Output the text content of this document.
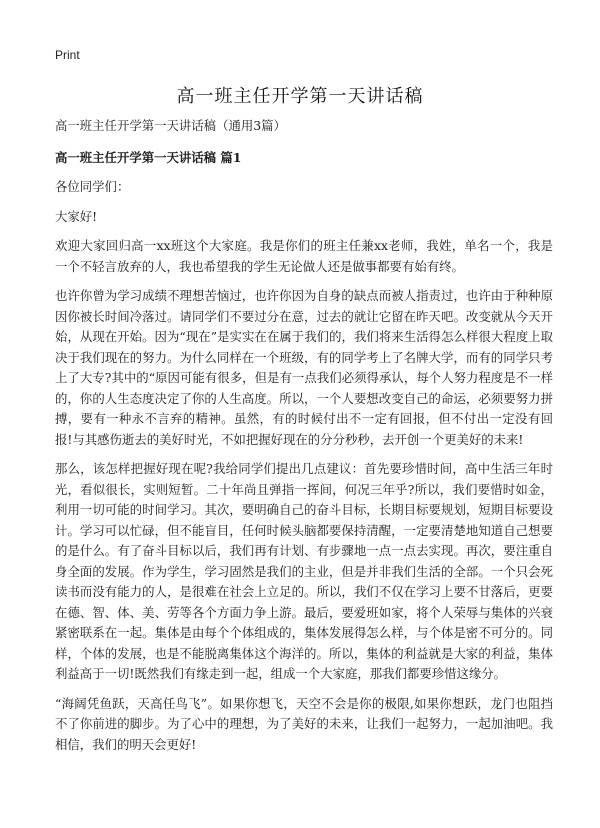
Print
高一班主任开学第一天讲话稿

高一班主任开学第一天讲话稿（通用3篇）

高一班主任开学第一天讲话稿 篇1

各位同学们：

大家好!

欢迎大家回归高一xx班这个大家庭。我是你们的班主任兼xx老师，我姓，单名一个，我是一个不轻言放弃的人，我也希望我的学生无论做人还是做事都要有始有终。

也许你曾为学习成绩不理想苦恼过，也许你因为自身的缺点而被人指责过，也许由于种种原因你被长时间冷落过。请同学们不要过分在意，过去的就让它留在昨天吧。改变就从今天开始，从现在开始。因为“现在”是实实在在属于我们的，我们将来生活得怎么样很大程度上取决于我们现在的努力。为什么同样在一个班级，有的同学考上了名牌大学，而有的同学只考上了大专?其中的“原因可能有很多，但是有一点我们必须得承认，每个人努力程度是不一样的，你的人生态度决定了你的人生高度。所以，一个人要想改变自己的命运，必须要努力拼搏，要有一种永不言弃的精神。虽然，有的时候付出不一定有回报，但不付出一定没有回报!与其感伤逝去的美好时光，不如把握好现在的分分秒秒，去开创一个更美好的未来!

那么，该怎样把握好现在呢?我给同学们提出几点建议：首先要珍惜时间，高中生活三年时光，看似很长，实则短暂。二十年尚且弹指一挥间，何况三年乎?所以，我们要惜时如金，利用一切可能的时间学习。其次，要明确自己的奋斗目标，长期目标要规划，短期目标要设计。学习可以忙碌，但不能盲目，任何时候头脑都要保持清醒，一定要清楚地知道自己想要的是什么。有了奋斗目标以后，我们再有计划、有步骤地一点一点去实现。再次，要注重自身全面的发展。作为学生，学习固然是我们的主业，但是并非我们生活的全部。一个只会死读书而没有能力的人，是很难在社会上立足的。所以，我们不仅在学习上要不甘落后，更要在德、智、体、美、劳等各个方面力争上游。最后，要爱班如家，将个人荣辱与集体的兴衰紧密联系在一起。集体是由每个个体组成的，集体发展得怎么样，与个体是密不可分的。同样，个体的发展，也是不能脱离集体这个海洋的。所以，集体的利益就是大家的利益，集体利益高于一切!既然我们有缘走到一起，组成一个大家庭，那我们都要珍惜这缘分。

“海阔凭鱼跃，天高任鸟飞”。如果你想飞，天空不会是你的极限,如果你想跃，龙门也阻挡不了你前进的脚步。为了心中的理想，为了美好的未来，让我们一起努力，一起加油吧。我相信，我们的明天会更好!
